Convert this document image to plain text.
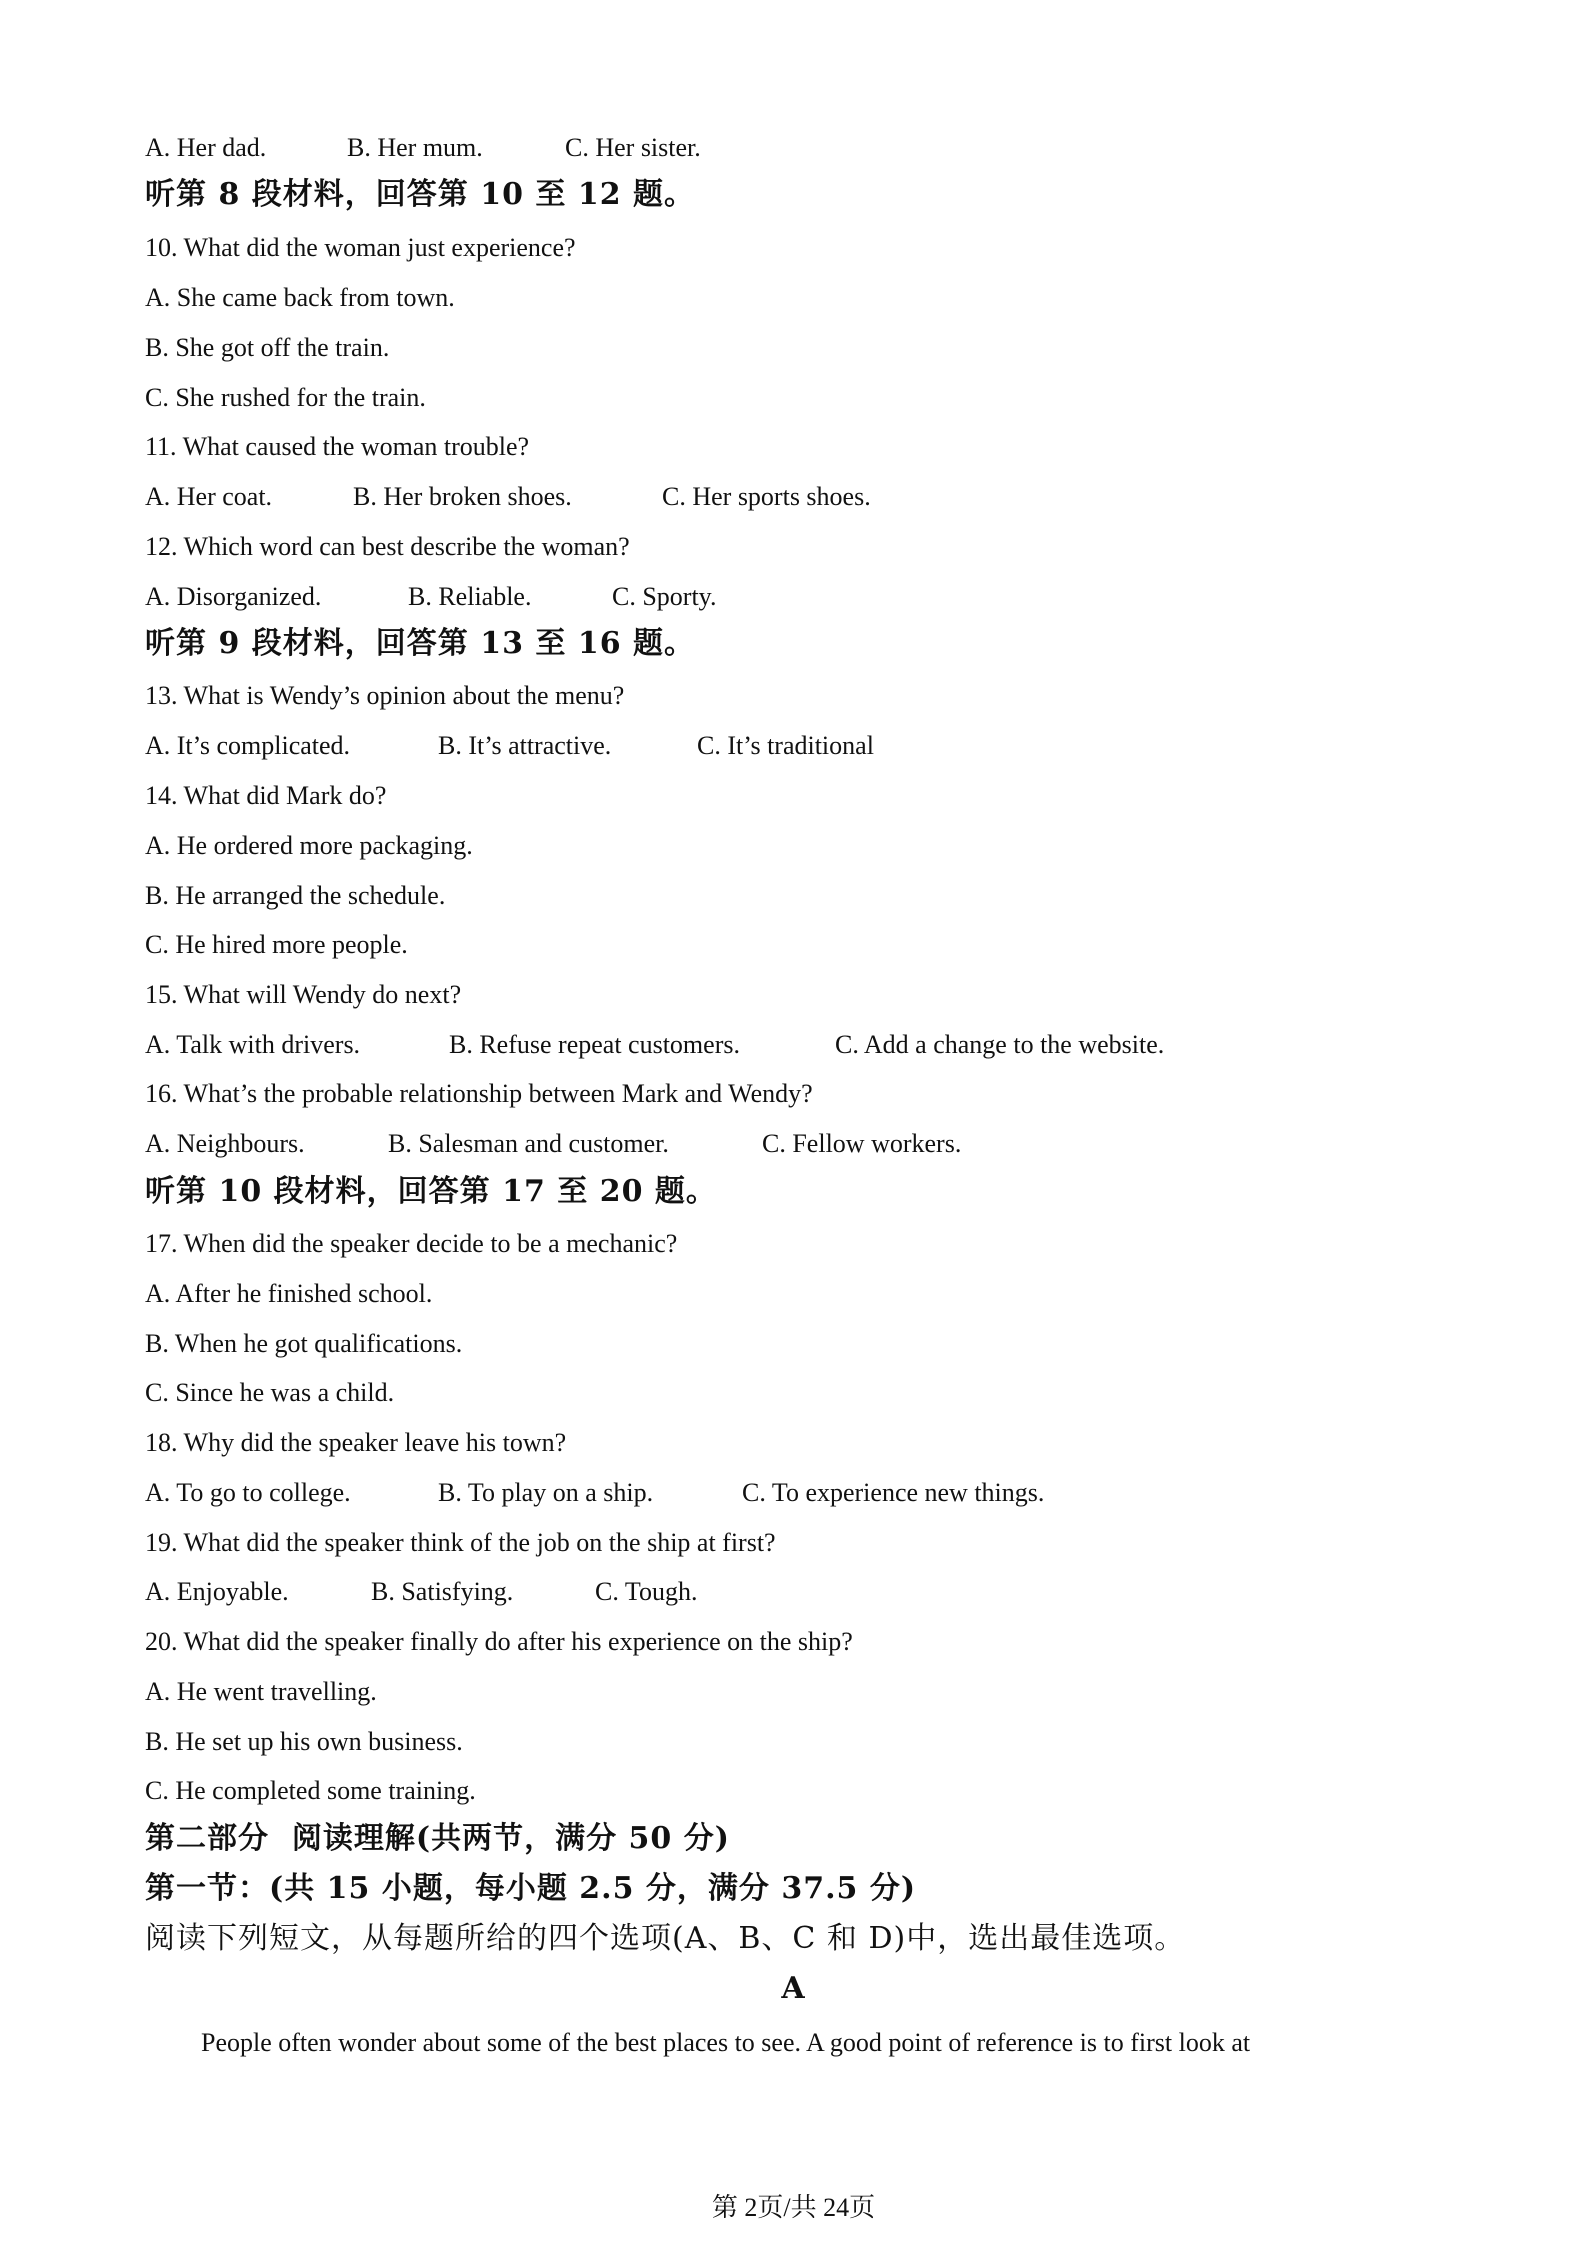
A. Her dad.	B. Her mum.	C. Her sister.
听第 8 段材料，回答第 10 至 12 题。
10. What did the woman just experience?
A. She came back from town.
B. She got off the train.
C. She rushed for the train.
11. What caused the woman trouble?
A. Her coat.	B. Her broken shoes.	C. Her sports shoes.
12. Which word can best describe the woman?
A. Disorganized.	B. Reliable.	C. Sporty.
听第 9 段材料，回答第 13 至 16 题。
13. What is Wendy’s opinion about the menu?
A. It’s complicated.	B. It’s attractive.	C. It’s traditional
14. What did Mark do?
A. He ordered more packaging.
B. He arranged the schedule.
C. He hired more people.
15. What will Wendy do next?
A. Talk with drivers.	B. Refuse repeat customers.	C. Add a change to the website.
16. What’s the probable relationship between Mark and Wendy?
A. Neighbours.	B. Salesman and customer.	C. Fellow workers.
听第 10 段材料，回答第 17 至 20 题。
17. When did the speaker decide to be a mechanic?
A. After he finished school.
B. When he got qualifications.
C. Since he was a child.
18. Why did the speaker leave his town?
A. To go to college.	B. To play on a ship.	C. To experience new things.
19. What did the speaker think of the job on the ship at first?
A. Enjoyable.	B. Satisfying.	C. Tough.
20. What did the speaker finally do after his experience on the ship?
A. He went travelling.
B. He set up his own business.
C. He completed some training.
第二部分  阅读理解(共两节，满分 50 分)
第一节：(共 15 小题，每小题 2.5 分，满分 37.5 分)
阅读下列短文，从每题所给的四个选项(A、B、C 和 D)中，选出最佳选项。
A
People often wonder about some of the best places to see. A good point of reference is to first look at
第 2页/共 24页
